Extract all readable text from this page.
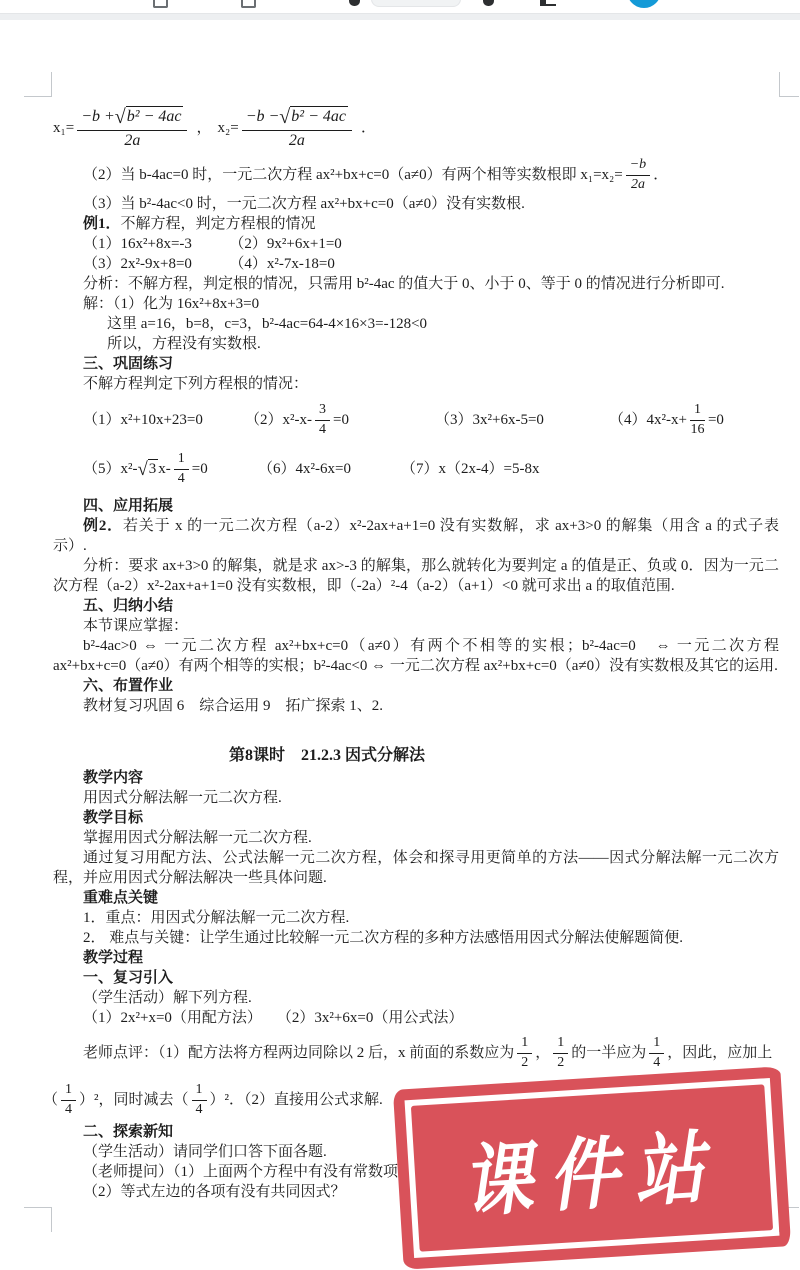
$x_1= \frac{\text{−b +√b² − 4ac}}{2a}$ ， $x_2= \frac{\text{−b −√b² − 4ac}}{2a}$ ．
（2）当 b-4ac=0 时，一元二次方程 ax²+bx+c=0（a≠0）有两个相等实数根即 $x_1=x_2= \frac{-b}{2a}$ ．

（3）当 b²-4ac<0 时，一元二次方程 ax²+bx+c=0（a≠0）没有实数根.

例1．不解方程，判定方程根的情况

（1）16x²+8x=-3　　　（2）9x²+6x+1=0

（3）2x²-9x+8=0　　　（4）x²-7x-18=0

分析：不解方程，判定根的情况，只需用 b²-4ac 的值大于 0、小于 0、等于 0 的情况进行分析即可.

解：（1）化为 16x²+8x+3=0

这里 a=16，b=8，c=3，b²-4ac=64-4×16×3=-128<0

所以，方程没有实数根.

三、巩固练习

不解方程判定下列方程根的情况：

（1）x²+10x+23=0	$(2)x^2-x- \frac{3}{4} =0$	（3）3x²+6x-5=0	$(4)4x^2-x+ \frac{1}{16} =0$
（5）x²- √3 $x- \frac{1}{4} =0$	（6）4x²-6x=0	（7）x（2x-4）=5-8x

四、应用拓展

例2．若关于 x 的一元二次方程（a-2）x²-2ax+a+1=0 没有实数解，求 ax+3>0 的解集（用含 a 的式子表示）.

分析：要求 ax+3>0 的解集，就是求 ax>-3 的解集，那么就转化为要判定 a 的值是正、负或 0．因为一元二次方程（a-2）x²-2ax+a+1=0 没有实数根，即（-2a）²-4（a-2）（a+1）<0 就可求出 a 的取值范围.

五、归纳小结

本节课应掌握：

b²-4ac>0 ⇔ 一元二次方程 ax²+bx+c=0（a≠0）有两个不相等的实根；b²-4ac=0　⇔ 一元二次方程 ax²+bx+c=0（a≠0）有两个相等的实根；b²-4ac<0 ⇔ 一元二次方程 ax²+bx+c=0（a≠0）没有实数根及其它的运用.

六、布置作业

教材复习巩固 6　综合运用 9　拓广探索 1、2.

第8课时　21.2.3 因式分解法

教学内容

用因式分解法解一元二次方程.

教学目标

掌握用因式分解法解一元二次方程.

通过复习用配方法、公式法解一元二次方程，体会和探寻用更简单的方法——因式分解法解一元二次方程，并应用因式分解法解决一些具体问题.

重难点关键

1．重点：用因式分解法解一元二次方程.

2． 难点与关键：让学生通过比较解一元二次方程的多种方法感悟用因式分解法使解题简便.

教学过程

一、复习引入

（学生活动）解下列方程.

（1）2x²+x=0（用配方法）　　（2）3x²+6x=0（用公式法）

老师点评：（1）配方法将方程两边同除以 2 后，x 前面的系数应为 $\frac{1}{2}$ ， $\frac{1}{2}$ 的一半应为 $\frac{1}{4}$ ，因此，应加上
（ $\frac{1}{4} )^2$，同时减去（ $\frac{1}{4} )^2$．（2）直接用公式求解.

二、探索新知

（学生活动）请同学们口答下面各题.

（老师提问）（1）上面两个方程中有没有常数项？

（2）等式左边的各项有没有共同因式？	课件站
